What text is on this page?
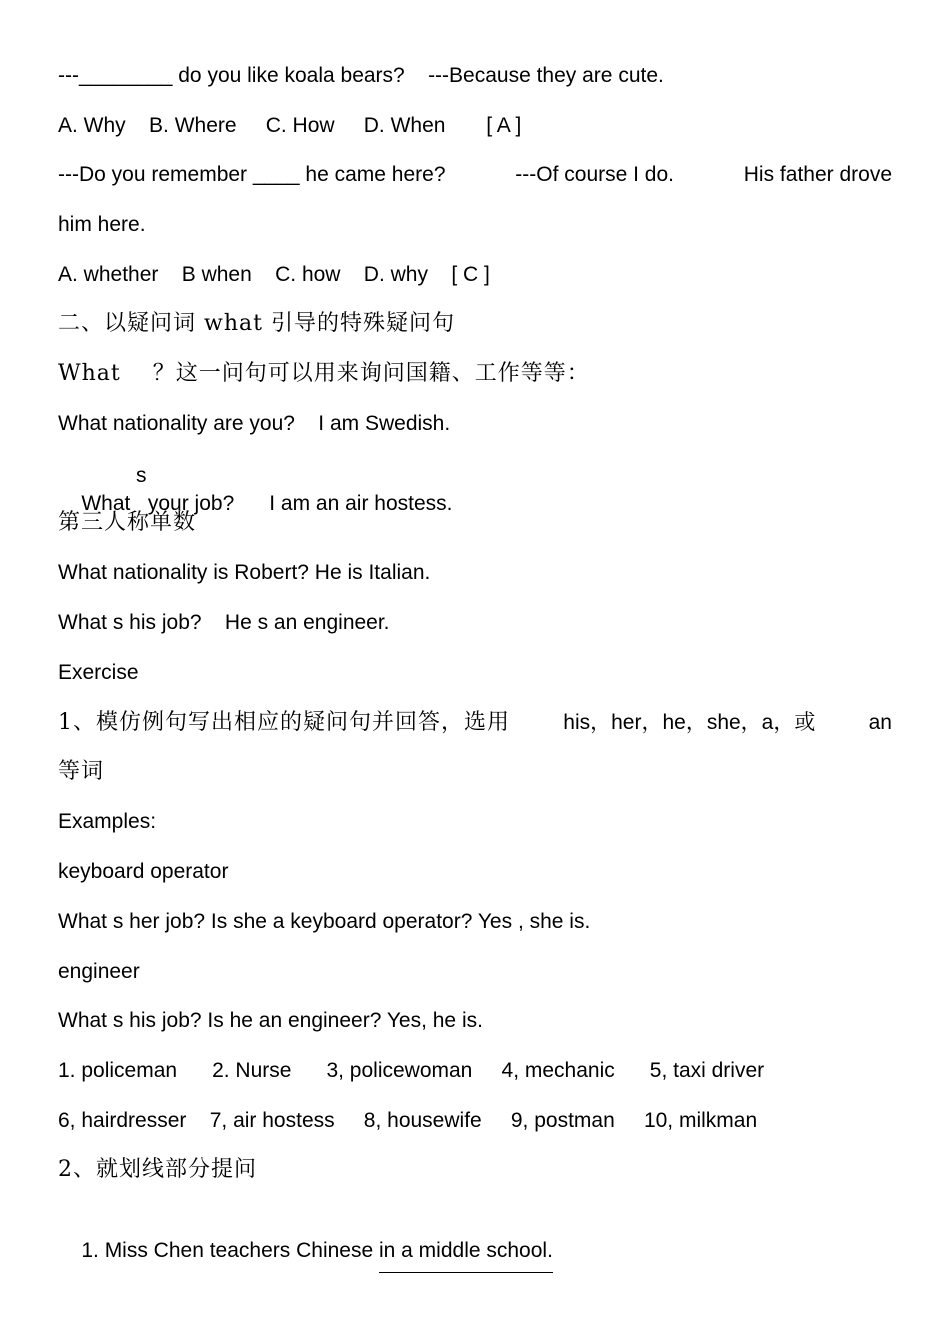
---________ do you like koala bears?    ---Because they are cute.
A. Why    B. Where     C. How     D. When       [ A ]
---Do you remember ____ he came here?	---Of course I do.	His father drove
him here.
A. whether    B when    C. how    D. why    [ C ]
二、以疑问词 what 引导的特殊疑问句
What    ？这一问句可以用来询问国籍、工作等等：
What nationality are you?    I am Swedish.

What   your job?      I am an air hostess.

s

第三人称单数
What nationality is Robert? He is Italian.
What s his job?    He s an engineer.
Exercise
1、模仿例句写出相应的疑问句并回答，选用	his，her，he，she，a，或	an
等词
Examples:
keyboard operator
What s her job? Is she a keyboard operator? Yes , she is.
engineer
What s his job? Is he an engineer? Yes, he is.
1. policeman      2. Nurse      3, policewoman     4, mechanic      5, taxi driver
6, hairdresser    7, air hostess     8, housewife     9, postman     10, milkman
2、就划线部分提问

1. Miss Chen teachers Chinese in a middle school.
